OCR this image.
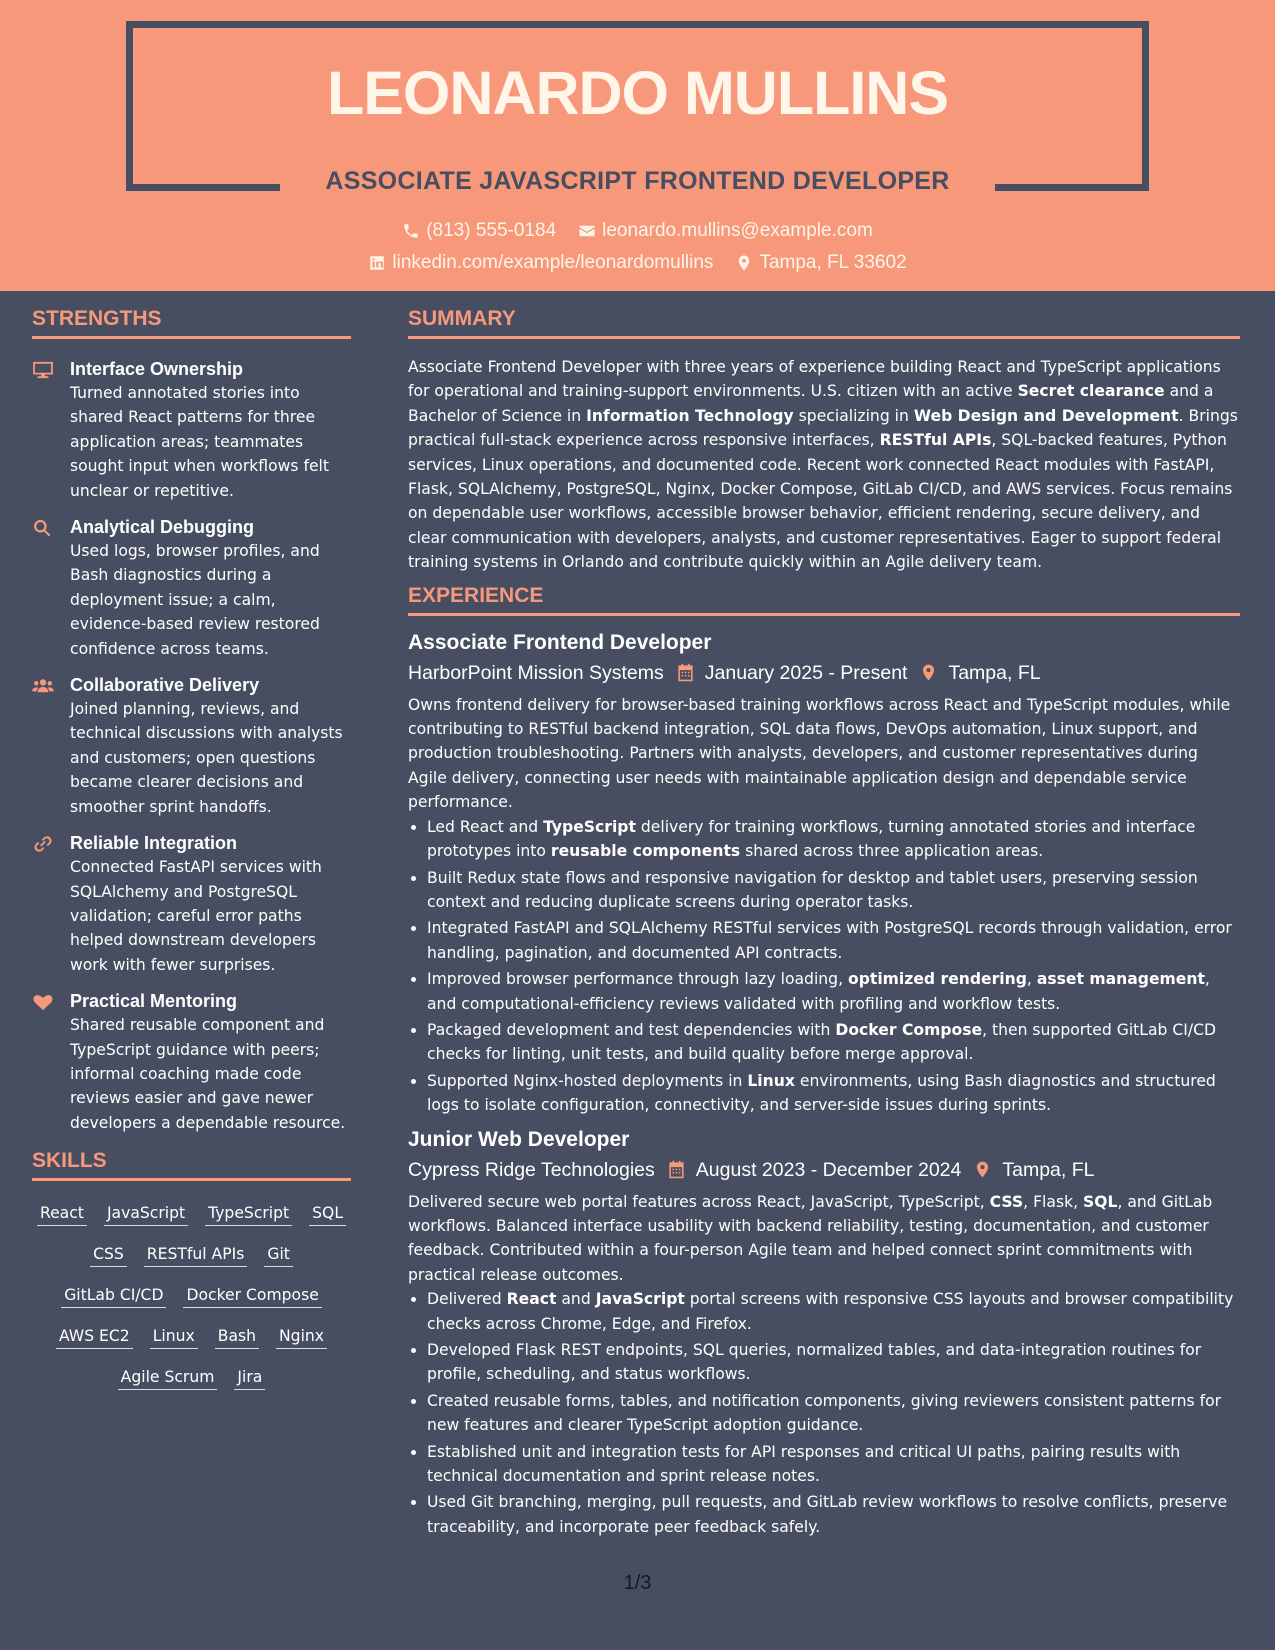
LEONARDO MULLINS
ASSOCIATE JAVASCRIPT FRONTEND DEVELOPER
(813) 555-0184 leonardo.mullins@example.com
linkedin.com/example/leonardomullins Tampa, FL 33602
STRENGTHS
Interface Ownership
Turned annotated stories into shared React patterns for three application areas; teammates sought input when workflows felt unclear or repetitive.
Analytical Debugging
Used logs, browser profiles, and Bash diagnostics during a deployment issue; a calm, evidence-based review restored confidence across teams.
Collaborative Delivery
Joined planning, reviews, and technical discussions with analysts and customers; open questions became clearer decisions and smoother sprint handoffs.
Reliable Integration
Connected FastAPI services with SQLAlchemy and PostgreSQL validation; careful error paths helped downstream developers work with fewer surprises.
Practical Mentoring
Shared reusable component and TypeScript guidance with peers; informal coaching made code reviews easier and gave newer developers a dependable resource.
SKILLS
React JavaScript TypeScript SQL
CSS RESTful APIs Git
GitLab CI/CD Docker Compose
AWS EC2 Linux Bash Nginx
Agile Scrum Jira
SUMMARY
Associate Frontend Developer with three years of experience building React and TypeScript applications for operational and training-support environments. U.S. citizen with an active Secret clearance and a Bachelor of Science in Information Technology specializing in Web Design and Development. Brings practical full-stack experience across responsive interfaces, RESTful APIs, SQL-backed features, Python services, Linux operations, and documented code. Recent work connected React modules with FastAPI, Flask, SQLAlchemy, PostgreSQL, Nginx, Docker Compose, GitLab CI/CD, and AWS services. Focus remains on dependable user workflows, accessible browser behavior, efficient rendering, secure delivery, and clear communication with developers, analysts, and customer representatives. Eager to support federal training systems in Orlando and contribute quickly within an Agile delivery team.
EXPERIENCE
Associate Frontend Developer
HarborPoint Mission Systems January 2025 - Present Tampa, FL
Owns frontend delivery for browser-based training workflows across React and TypeScript modules, while contributing to RESTful backend integration, SQL data flows, DevOps automation, Linux support, and production troubleshooting. Partners with analysts, developers, and customer representatives during Agile delivery, connecting user needs with maintainable application design and dependable service performance.
• Led React and TypeScript delivery for training workflows, turning annotated stories and interface prototypes into reusable components shared across three application areas.
• Built Redux state flows and responsive navigation for desktop and tablet users, preserving session context and reducing duplicate screens during operator tasks.
• Integrated FastAPI and SQLAlchemy RESTful services with PostgreSQL records through validation, error handling, pagination, and documented API contracts.
• Improved browser performance through lazy loading, optimized rendering, asset management, and computational-efficiency reviews validated with profiling and workflow tests.
• Packaged development and test dependencies with Docker Compose, then supported GitLab CI/CD checks for linting, unit tests, and build quality before merge approval.
• Supported Nginx-hosted deployments in Linux environments, using Bash diagnostics and structured logs to isolate configuration, connectivity, and server-side issues during sprints.
Junior Web Developer
Cypress Ridge Technologies August 2023 - December 2024 Tampa, FL
Delivered secure web portal features across React, JavaScript, TypeScript, CSS, Flask, SQL, and GitLab workflows. Balanced interface usability with backend reliability, testing, documentation, and customer feedback. Contributed within a four-person Agile team and helped connect sprint commitments with practical release outcomes.
• Delivered React and JavaScript portal screens with responsive CSS layouts and browser compatibility checks across Chrome, Edge, and Firefox.
• Developed Flask REST endpoints, SQL queries, normalized tables, and data-integration routines for profile, scheduling, and status workflows.
• Created reusable forms, tables, and notification components, giving reviewers consistent patterns for new features and clearer TypeScript adoption guidance.
• Established unit and integration tests for API responses and critical UI paths, pairing results with technical documentation and sprint release notes.
• Used Git branching, merging, pull requests, and GitLab review workflows to resolve conflicts, preserve traceability, and incorporate peer feedback safely.
1/3
